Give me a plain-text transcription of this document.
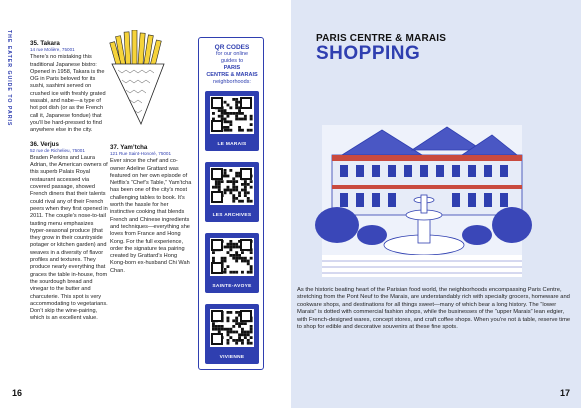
THE EATER GUIDE TO PARIS	35. Takara
14 rue Molière, 75001
There’s no mistaking this traditional Japanese bistro: Opened in 1958, Takara is the OG in Paris beloved for its sushi, sashimi served on crushed ice with freshly grated wasabi, and nabe—a type of hot pot dish (or as the French call it, Japanese fondue) that you’ll be hard-pressed to find anywhere else in the city.
36. Verjus
52 rue de Richelieu, 75001
Braden Perkins and Laura Adrian, the American owners of this superb Palais Royal restaurant accessed via covered passage, showed French diners that their talents could rival any of their French peers when they first opened in 2011. The couple’s nose-to-tail tasting menu emphasizes hyper-seasonal produce (that they grow in their countryside potager or kitchen garden) and weaves in a diversity of flavor profiles and textures. They produce nearly everything that graces the table in-house, from the sourdough bread and vinegar to the butter and charcuterie. This spot is very accommodating to vegetarians. Don’t skip the wine-pairing, which is an excellent value.
37. Yam’tcha
121 Rue Saint-Honoré, 75001
Ever since the chef and co-owner Adeline Grattard was featured on her own episode of Netflix’s “Chef’s Table,” Yam’tcha has been one of the city’s most challenging tables to book. It’s worth the hassle for her instinctive cooking that blends French and Chinese ingredients and techniques—everything she loves from France and Hong Kong. For the full experience, order the signature tea pairing created by Grattard’s Hong Kong-born ex-husband Chi Wah Chan.
QR CODES
for our online
guides to
PARIS
CENTRE & MARAIS
neighborhoods:
LE MARAIS
LES ARCHIVES
SAINTE-AVOYE
VIVIENNE
16
PARIS CENTRE & MARAIS
SHOPPING
As the historic beating heart of the Parisian food world, the neighborhoods encompassing Paris Centre, stretching from the Pont Neuf to the Marais, are understandably rich with specialty grocers, homeware and cookware shops, and destinations for all things sweet—many of which bear a long history. The “lower Marais” is dotted with commercial fashion shops, while the businesses of the “upper Marais” lean edgier, with French-designed wares, concept stores, and craft coffee shops. When you’re not à table, reserve time to shop for edible and decorative souvenirs at these fine spots.
17
